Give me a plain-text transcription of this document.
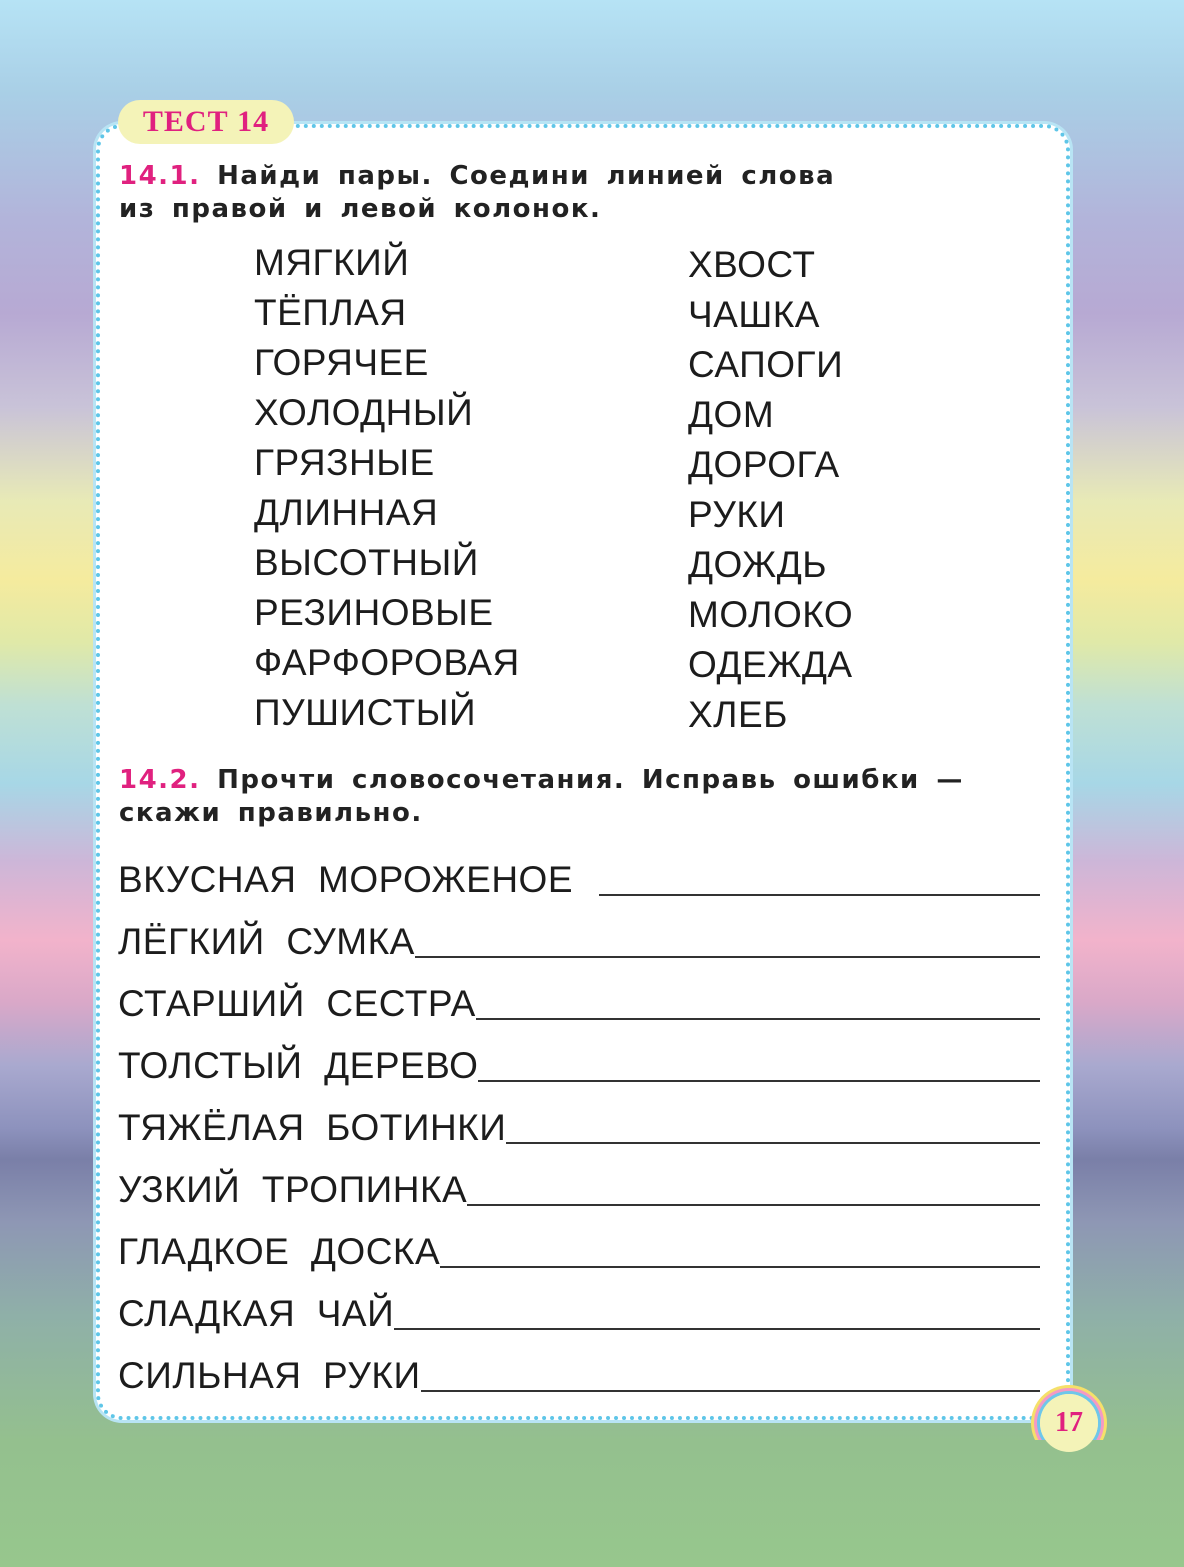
ТЕСТ 14

14.1. Найди пары. Соедини линией слова из правой и левой колонок.

МЯГКИЙ
ТЁПЛАЯ
ГОРЯЧЕЕ
ХОЛОДНЫЙ
ГРЯЗНЫЕ
ДЛИННАЯ
ВЫСОТНЫЙ
РЕЗИНОВЫЕ
ФАРФОРОВАЯ
ПУШИСТЫЙ
ХВОСТ
ЧАШКА
САПОГИ
ДОМ
ДОРОГА
РУКИ
ДОЖДЬ
МОЛОКО
ОДЕЖДА
ХЛЕБ

14.2. Прочти словосочетания. Исправь ошибки — скажи правильно.

ВКУСНАЯ  МОРОЖЕНОЕ
ЛЁГКИЙ  СУМКА
СТАРШИЙ  СЕСТРА
ТОЛСТЫЙ  ДЕРЕВО
ТЯЖЁЛАЯ  БОТИНКИ
УЗКИЙ  ТРОПИНКА
ГЛАДКОЕ  ДОСКА
СЛАДКАЯ  ЧАЙ
СИЛЬНАЯ  РУКИ
17
